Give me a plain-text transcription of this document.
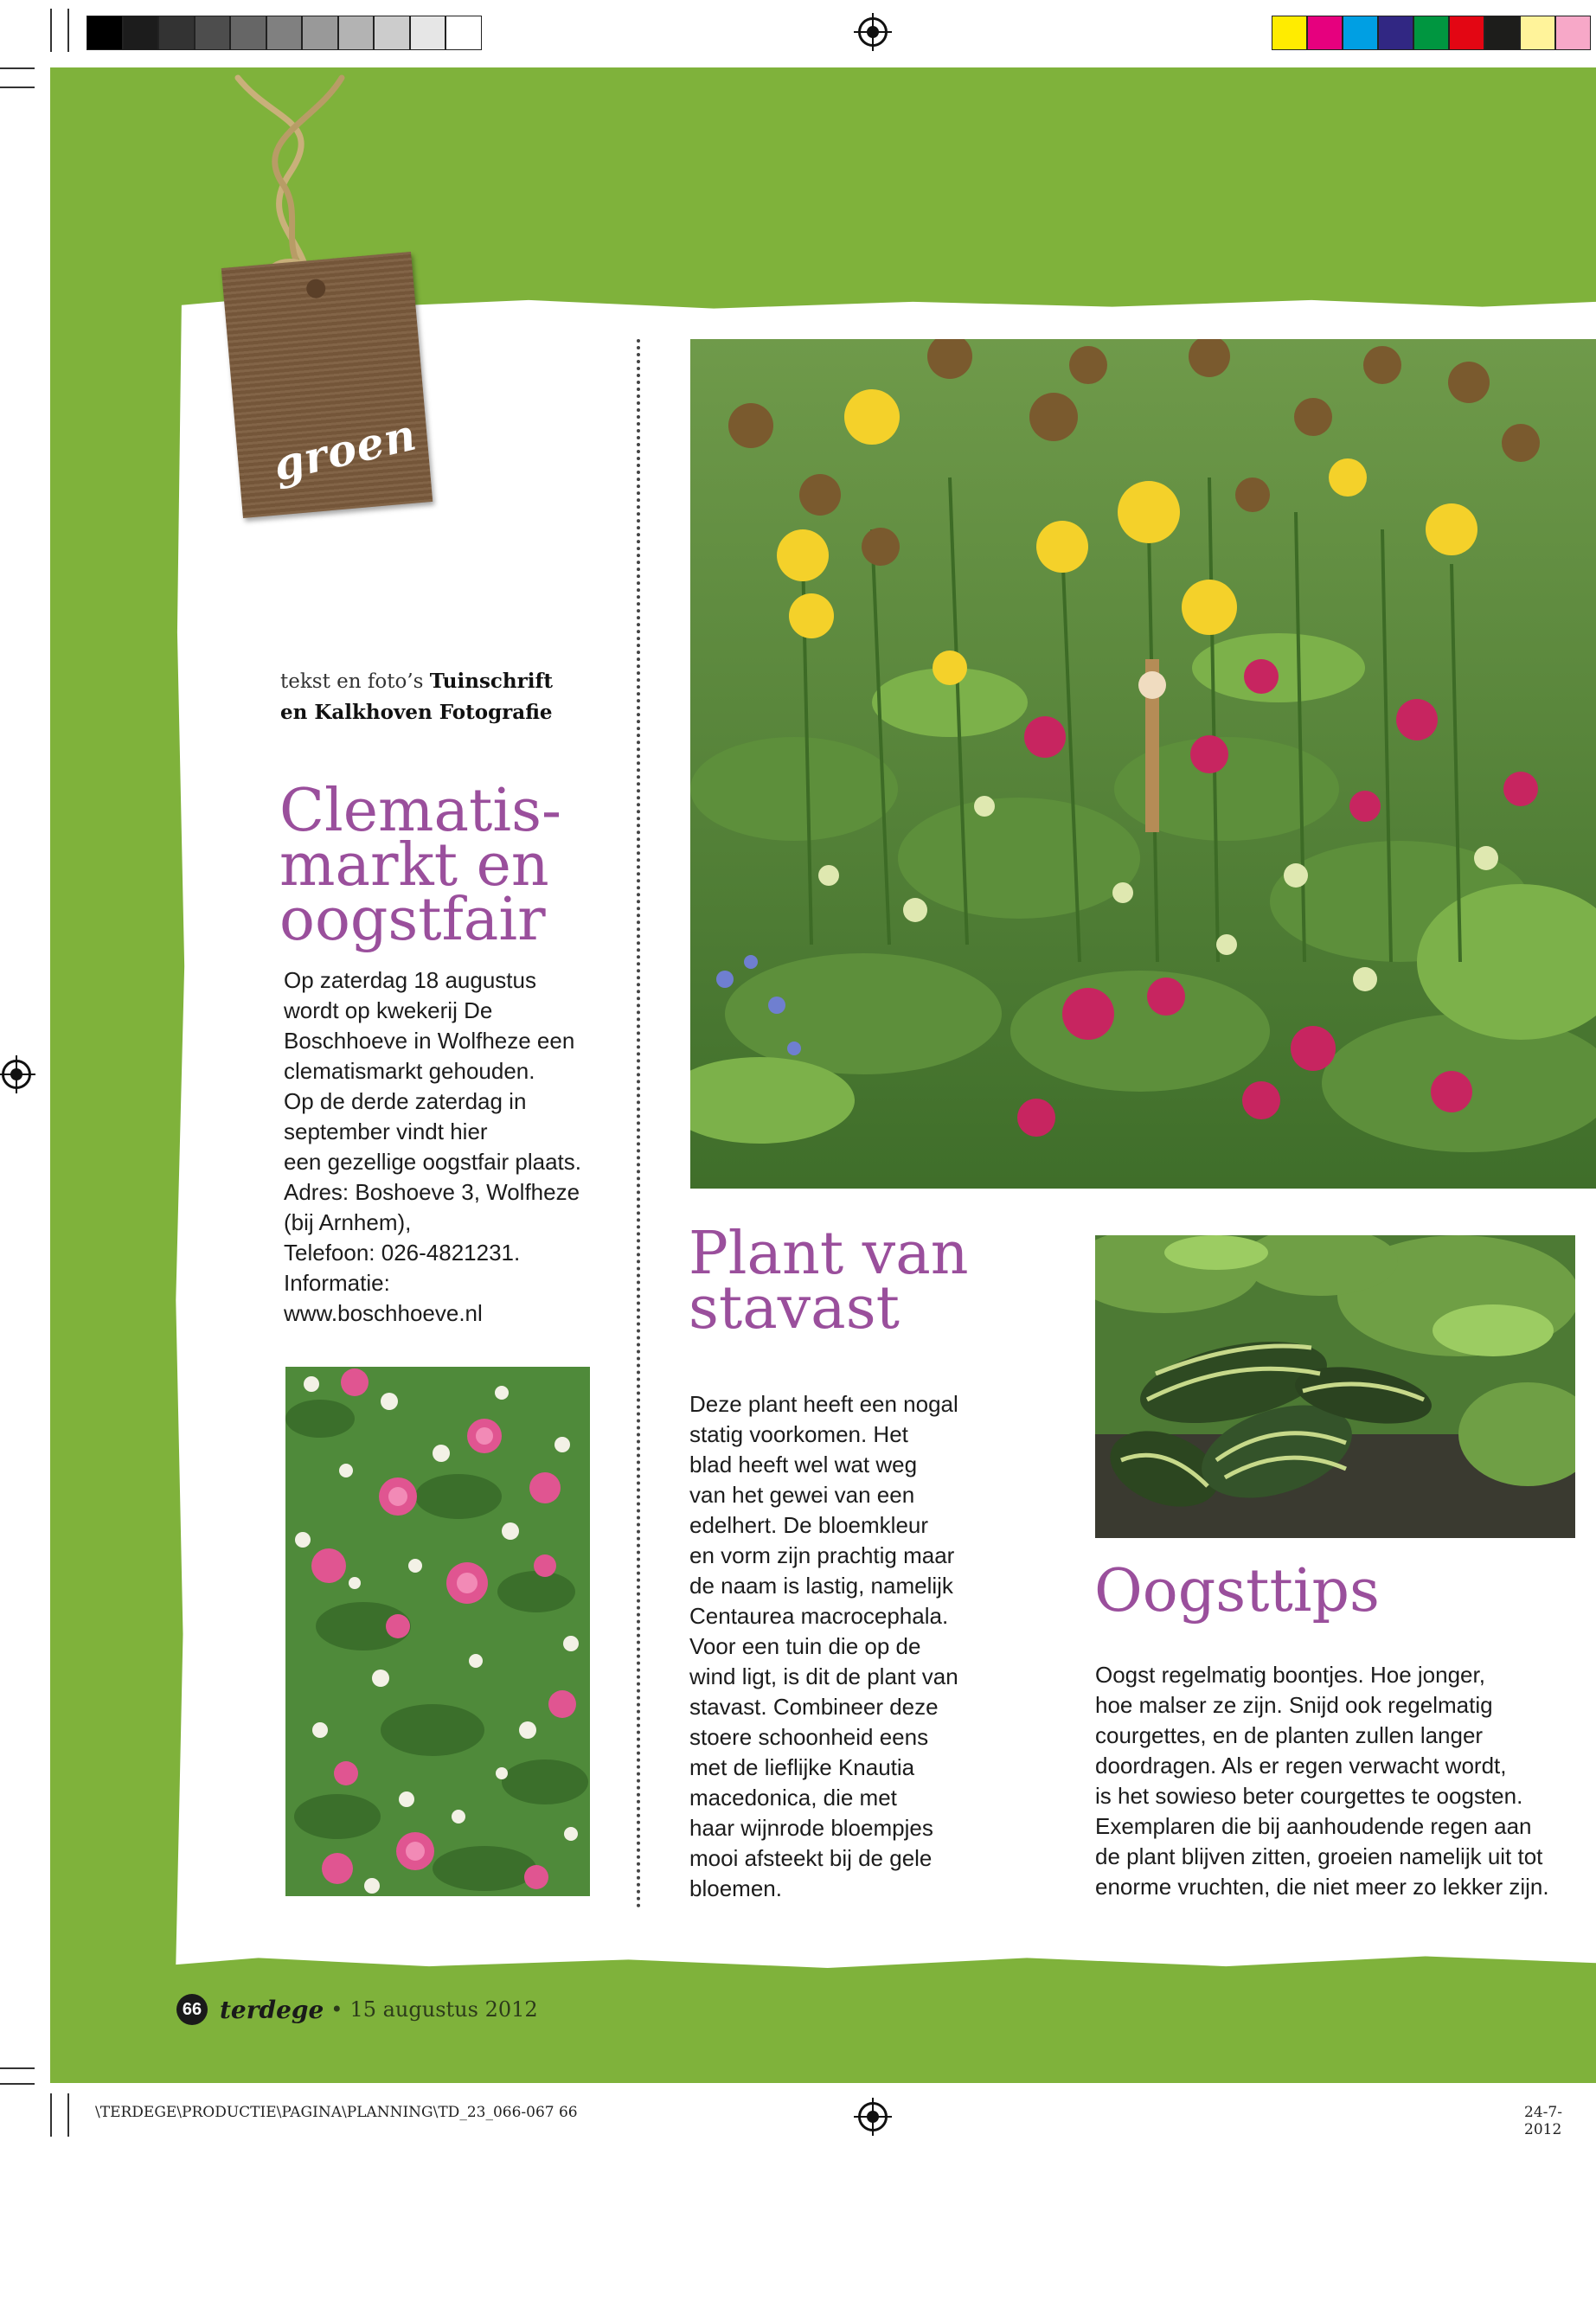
groen
tekst en foto’s Tuinschrift
en Kalkhoven Fotografie
Clematis-
markt en
oogstfair
Op zaterdag 18 augustus
wordt op kwekerij De
Boschhoeve in Wolfheze een
clematismarkt gehouden.
Op de derde zaterdag in
september vindt hier
een gezellige oogstfair plaats.
Adres: Boshoeve 3, Wolfheze
(bij Arnhem),
Telefoon: 026-4821231.
Informatie:
www.boschhoeve.nl
Plant van
stavast
Deze plant heeft een nogal
statig voorkomen. Het
blad heeft wel wat weg
van het gewei van een
edelhert. De bloemkleur
en vorm zijn prachtig maar
de naam is lastig, namelijk
Centaurea macrocephala.
Voor een tuin die op de
wind ligt, is dit de plant van
stavast. Combineer deze
stoere schoonheid eens
met de lieflijke Knautia
macedonica, die met
haar wijnrode bloempjes
mooi afsteekt bij de gele
bloemen.
Oogsttips
Oogst regelmatig boontjes. Hoe jonger,
hoe malser ze zijn. Snijd ook regelmatig
courgettes, en de planten zullen langer
doordragen. Als er regen verwacht wordt,
is het sowieso beter courgettes te oogsten.
Exemplaren die bij aanhoudende regen aan
de plant blijven zitten, groeien namelijk uit tot
enorme vruchten, die niet meer zo lekker zijn.
66 terdege • 15 augustus 2012
\TERDEGE\PRODUCTIE\PAGINA\PLANNING\TD_23_066-067 66	24-7-2012
